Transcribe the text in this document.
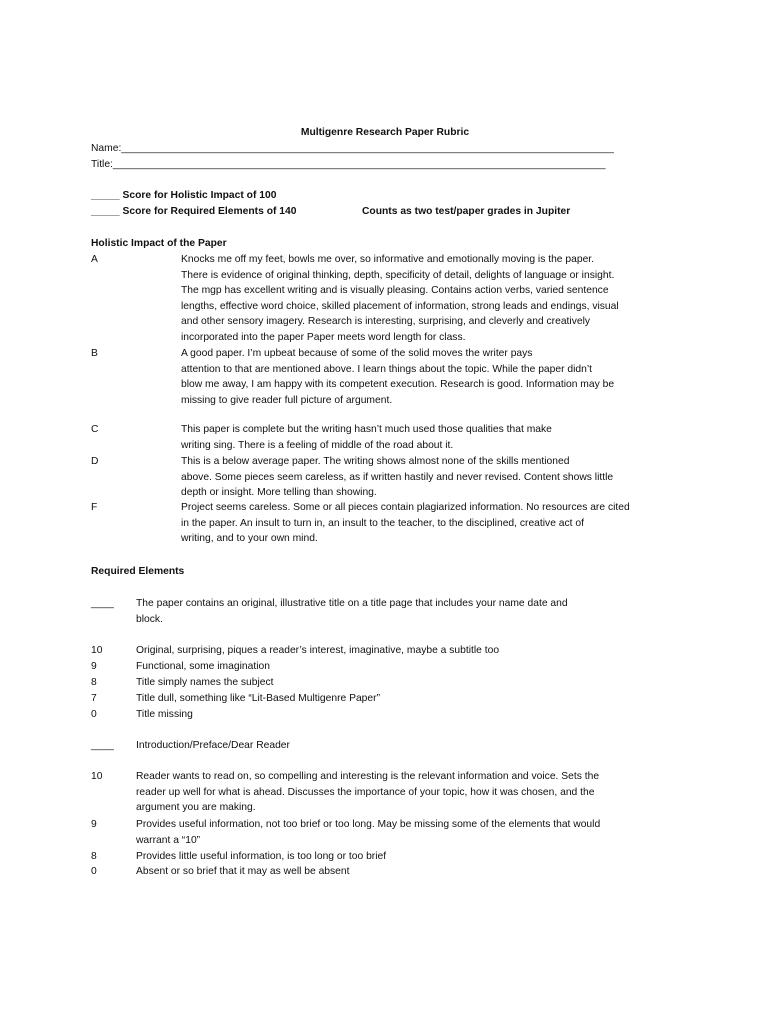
Multigenre Research Paper Rubric
Name:______________________________________________________________________________________
Title:______________________________________________________________________________________
_____ Score for Holistic Impact of 100
_____ Score for Required Elements of 140	Counts as two test/paper grades in Jupiter
Holistic Impact of the Paper
A	Knocks me off my feet, bowls me over, so informative and emotionally moving is the paper.
There is evidence of original thinking, depth, specificity of detail, delights of language or insight.
The mgp has excellent writing and is visually pleasing. Contains action verbs, varied sentence
lengths, effective word choice, skilled placement of information, strong leads and endings, visual
and other sensory imagery. Research is interesting, surprising, and cleverly and creatively
incorporated into the paper Paper meets word length for class.
B	A good paper. I’m upbeat because of some of the solid moves the writer pays
attention to that are mentioned above. I learn things about the topic. While the paper didn’t
blow me away, I am happy with its competent execution. Research is good. Information may be
missing to give reader full picture of argument.
C	This paper is complete but the writing hasn’t much used those qualities that make
writing sing. There is a feeling of middle of the road about it.
D	This is a below average paper. The writing shows almost none of the skills mentioned
above. Some pieces seem careless, as if written hastily and never revised. Content shows little
depth or insight. More telling than showing.
F	Project seems careless. Some or all pieces contain plagiarized information. No resources are cited
in the paper. An insult to turn in, an insult to the teacher, to the disciplined, creative act of
writing, and to your own mind.
Required Elements
____ The paper contains an original, illustrative title on a title page that includes your name date and
block.
10	Original, surprising, piques a reader’s interest, imaginative, maybe a subtitle too
9	Functional, some imagination
8	Title simply names the subject
7	Title dull, something like “Lit-Based Multigenre Paper”
0	Title missing
____ Introduction/Preface/Dear Reader
10	Reader wants to read on, so compelling and interesting is the relevant information and voice. Sets the
reader up well for what is ahead. Discusses the importance of your topic, how it was chosen, and the
argument you are making.
9	Provides useful information, not too brief or too long. May be missing some of the elements that would
warrant a “10”
8	Provides little useful information, is too long or too brief
0	Absent or so brief that it may as well be absent
